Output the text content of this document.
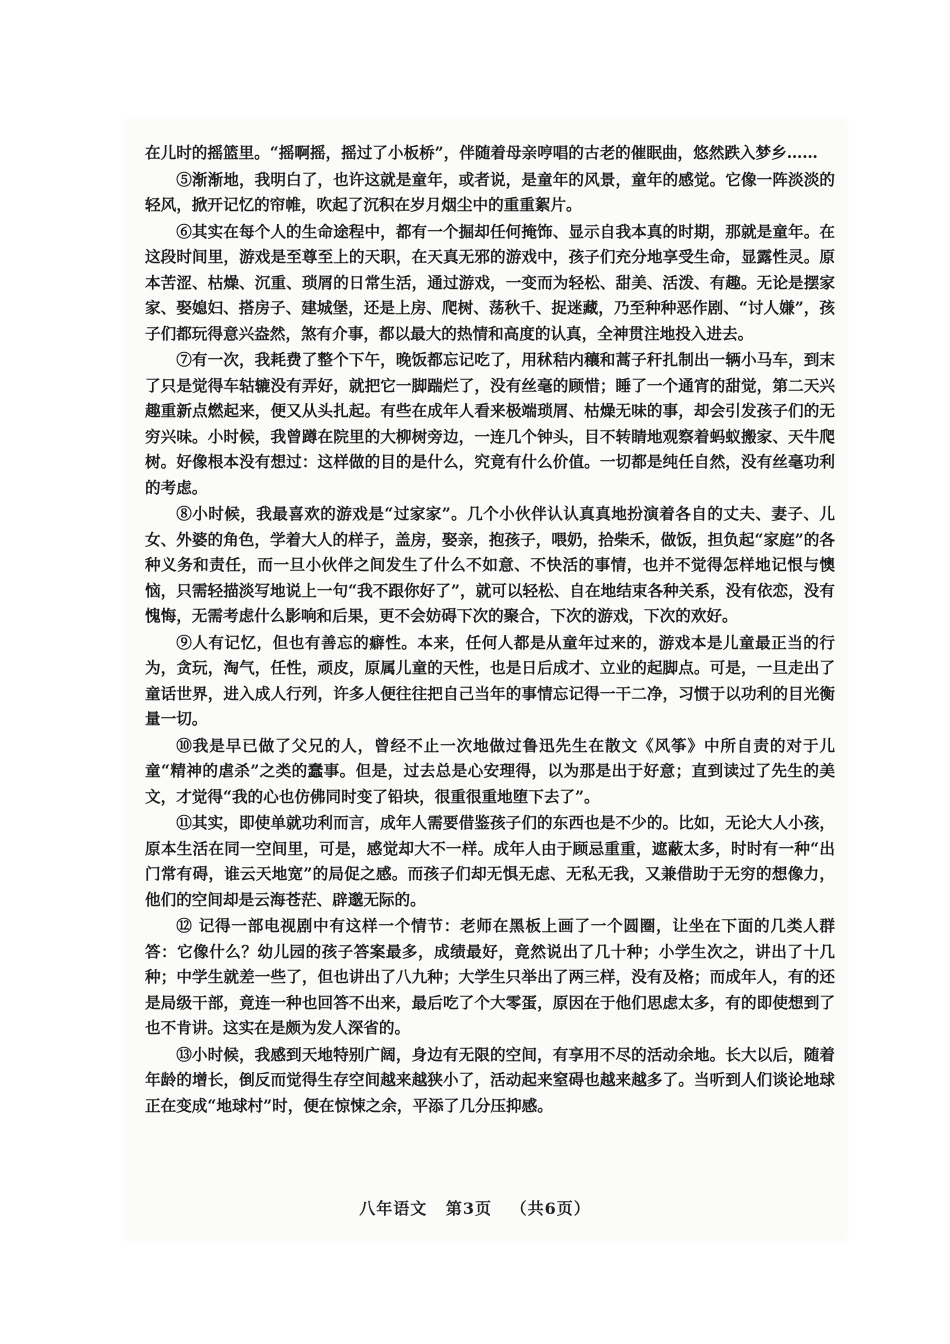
在儿时的摇篮里。“摇啊摇，摇过了小板桥”，伴随着母亲哼唱的古老的催眠曲，悠然跌入梦乡……

⑤渐渐地，我明白了，也许这就是童年，或者说，是童年的风景，童年的感觉。它像一阵淡淡的轻风，掀开记忆的帘帷，吹起了沉积在岁月烟尘中的重重絮片。

⑥其实在每个人的生命途程中，都有一个掘却任何掩饰、显示自我本真的时期，那就是童年。在这段时间里，游戏是至尊至上的天职，在天真无邪的游戏中，孩子们充分地享受生命，显露性灵。原本苦涩、枯燥、沉重、琐屑的日常生活，通过游戏，一变而为轻松、甜美、活泼、有趣。无论是摆家家、娶媳妇、搭房子、建城堡，还是上房、爬树、荡秋千、捉迷藏，乃至种种恶作剧、“讨人嫌”，孩子们都玩得意兴盎然，煞有介事，都以最大的热情和高度的认真，全神贯注地投入进去。

⑦有一次，我耗费了整个下午，晚饭都忘记吃了，用秫秸内穰和蒿子秆扎制出一辆小马车，到末了只是觉得车轱辘没有弄好，就把它一脚踹烂了，没有丝毫的顾惜；睡了一个通宵的甜觉，第二天兴趣重新点燃起来，便又从头扎起。有些在成年人看来极端琐屑、枯燥无味的事，却会引发孩子们的无穷兴味。小时候，我曾蹲在院里的大柳树旁边，一连几个钟头，目不转睛地观察着蚂蚁搬家、天牛爬树。好像根本没有想过：这样做的目的是什么，究竟有什么价值。一切都是纯任自然，没有丝毫功利的考虑。

⑧小时候，我最喜欢的游戏是“过家家”。几个小伙伴认认真真地扮演着各自的丈夫、妻子、儿女、外婆的角色，学着大人的样子，盖房，娶亲，抱孩子，喂奶，拾柴禾，做饭，担负起“家庭”的各种义务和责任，而一旦小伙伴之间发生了什么不如意、不快活的事情，也并不觉得怎样地记恨与懊恼，只需轻描淡写地说上一句“我不跟你好了”，就可以轻松、自在地结束各种关系，没有依恋，没有愧悔，无需考虑什么影响和后果，更不会妨碍下次的聚合，下次的游戏，下次的欢好。

⑨人有记忆，但也有善忘的癖性。本来，任何人都是从童年过来的，游戏本是儿童最正当的行为，贪玩，淘气，任性，顽皮，原属儿童的天性，也是日后成才、立业的起脚点。可是，一旦走出了童话世界，进入成人行列，许多人便往往把自己当年的事情忘记得一干二净，习惯于以功利的目光衡量一切。

⑩我是早已做了父兄的人，曾经不止一次地做过鲁迅先生在散文《风筝》中所自责的对于儿童“精神的虐杀”之类的蠢事。但是，过去总是心安理得，以为那是出于好意；直到读过了先生的美文，才觉得“我的心也仿佛同时变了铅块，很重很重地堕下去了”。

⑪其实，即使单就功利而言，成年人需要借鉴孩子们的东西也是不少的。比如，无论大人小孩，原本生活在同一空间里，可是，感觉却大不一样。成年人由于顾忌重重，遮蔽太多，时时有一种“出门常有碍，谁云天地宽”的局促之感。而孩子们却无惧无虑、无私无我，又兼借助于无穷的想像力，他们的空间却是云海苍茫、辟邈无际的。

⑫ 记得一部电视剧中有这样一个情节：老师在黑板上画了一个圆圈，让坐在下面的几类人群答：它像什么？幼儿园的孩子答案最多，成绩最好，竟然说出了几十种；小学生次之，讲出了十几种；中学生就差一些了，但也讲出了八九种；大学生只举出了两三样，没有及格；而成年人，有的还是局级干部，竟连一种也回答不出来，最后吃了个大零蛋，原因在于他们思虑太多，有的即使想到了也不肯讲。这实在是颇为发人深省的。

⑬小时候，我感到天地特别广阔，身边有无限的空间，有享用不尽的活动余地。长大以后，随着年龄的增长，倒反而觉得生存空间越来越狭小了，活动起来窒碍也越来越多了。当听到人们谈论地球正在变成“地球村”时，便在惊悚之余，平添了几分压抑感。

八年语文 第3页 （共6页）
